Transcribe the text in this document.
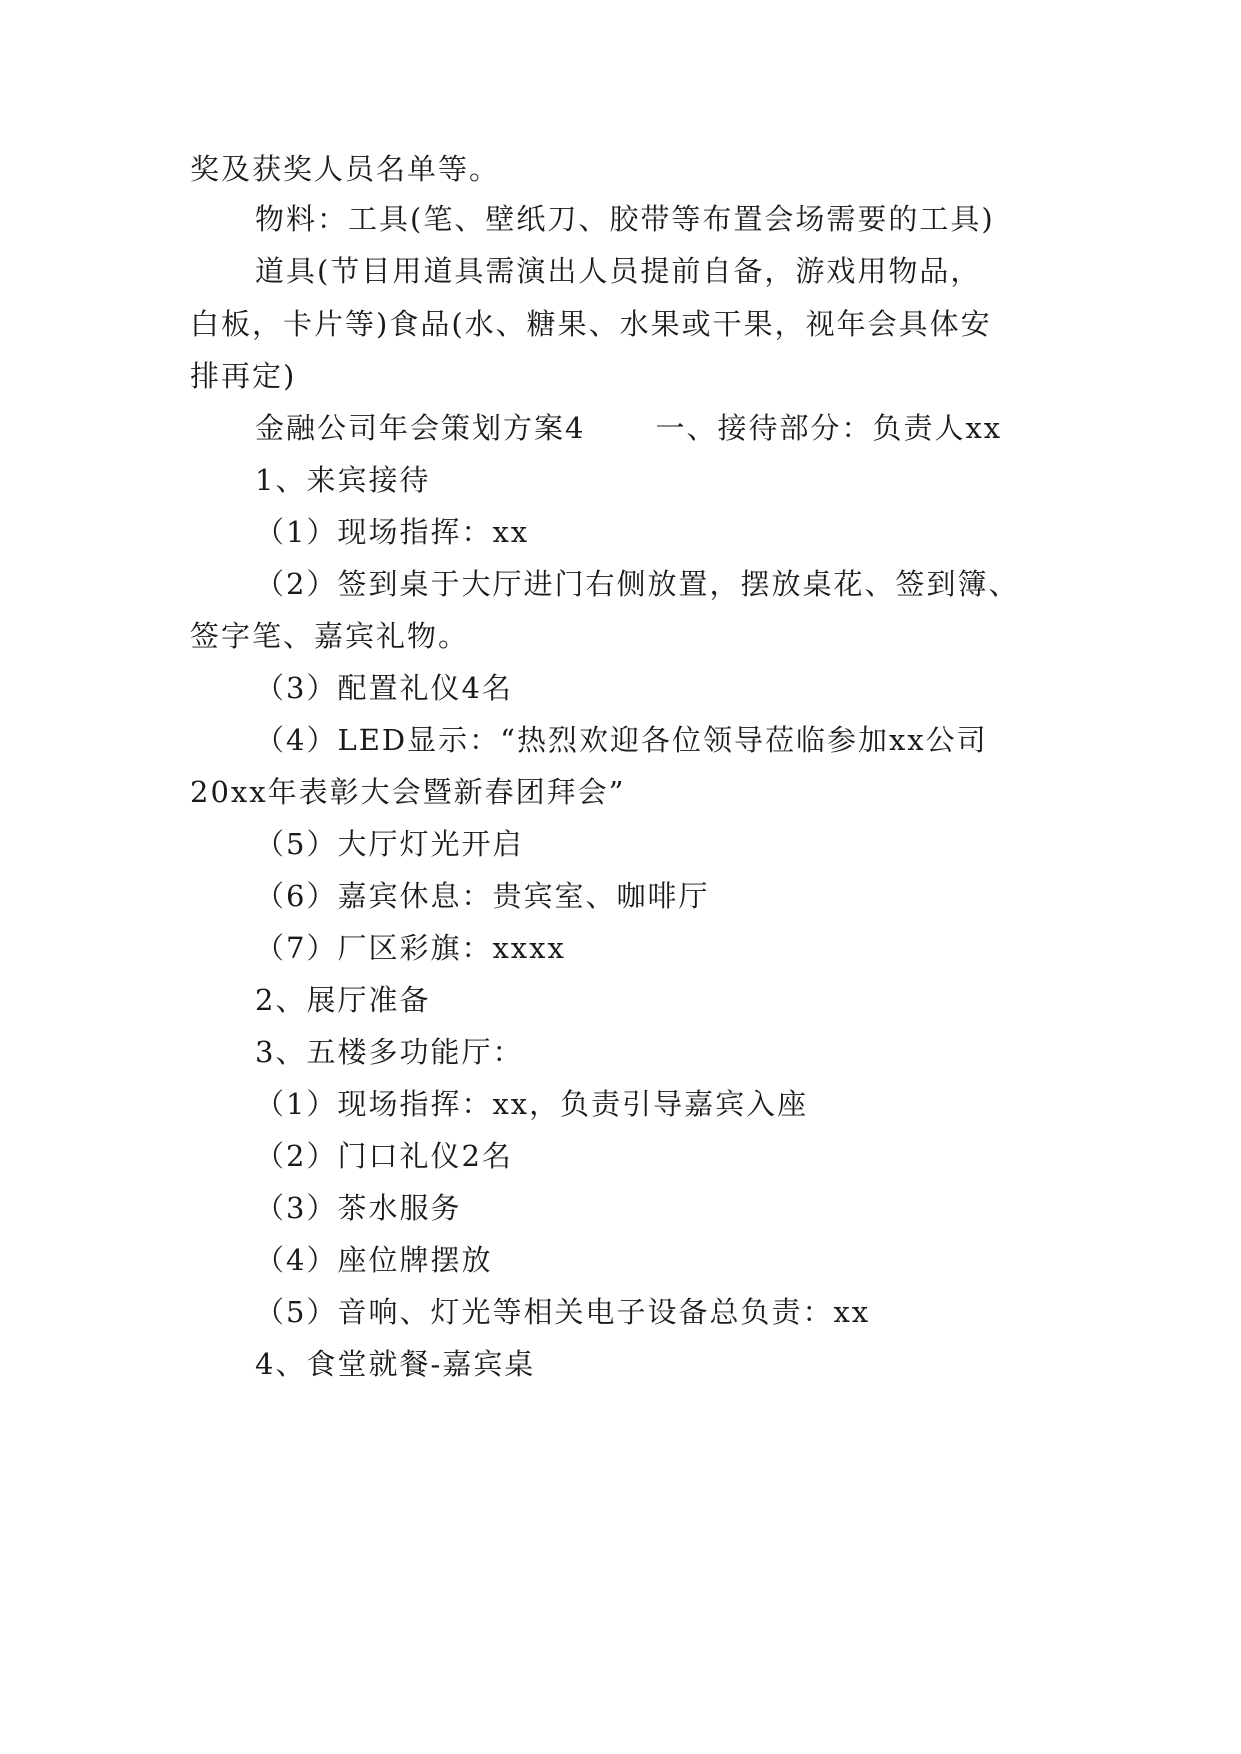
奖及获奖人员名单等。

物料：工具(笔、壁纸刀、胶带等布置会场需要的工具)

道具(节目用道具需演出人员提前自备，游戏用物品，

白板，卡片等)食品(水、糖果、水果或干果，视年会具体安

排再定)

金融公司年会策划方案4 一、接待部分：负责人xx

1、来宾接待

（1）现场指挥：xx

（2）签到桌于大厅进门右侧放置，摆放桌花、签到簿、

签字笔、嘉宾礼物。

（3）配置礼仪4名

（4）LED显示：“热烈欢迎各位领导莅临参加xx公司

20xx年表彰大会暨新春团拜会”

（5）大厅灯光开启

（6）嘉宾休息：贵宾室、咖啡厅

（7）厂区彩旗：xxxx

2、展厅准备

3、五楼多功能厅：

（1）现场指挥：xx，负责引导嘉宾入座

（2）门口礼仪2名

（3）茶水服务

（4）座位牌摆放

（5）音响、灯光等相关电子设备总负责：xx

4、食堂就餐-嘉宾桌
